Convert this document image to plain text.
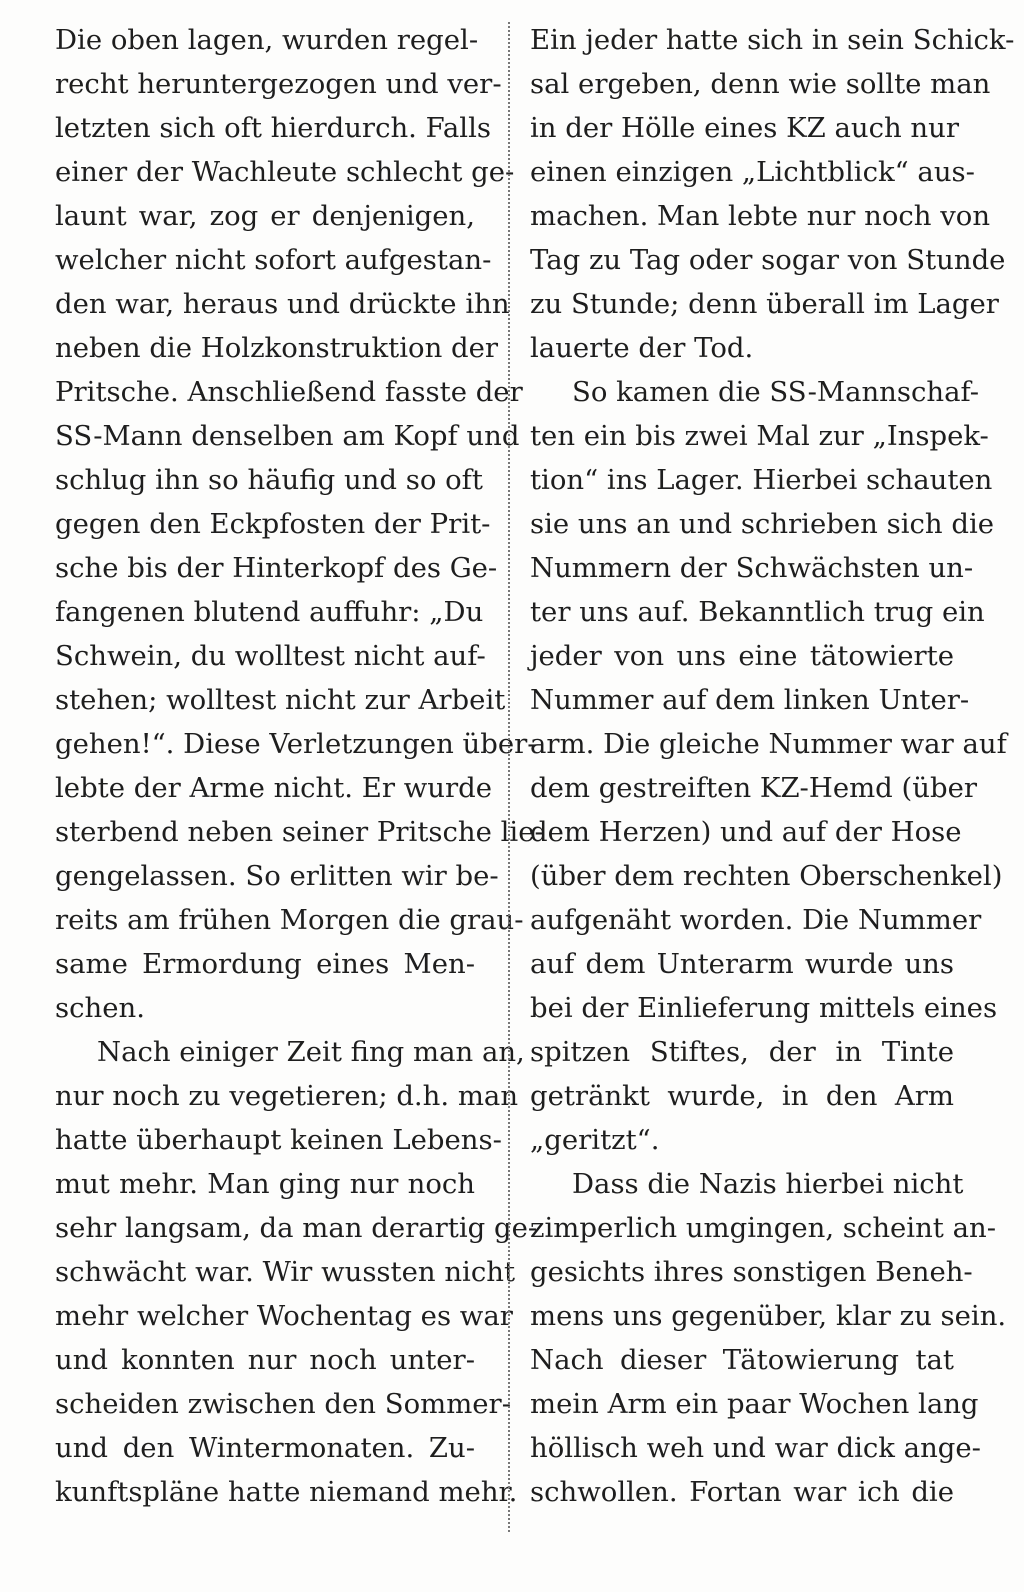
Die oben lagen, wurden regel-
recht heruntergezogen und ver-
letzten sich oft hierdurch. Falls
einer der Wachleute schlecht ge-
launt war, zog er denjenigen,
welcher nicht sofort aufgestan-
den war, heraus und drückte ihn
neben die Holzkonstruktion der
Pritsche. Anschließend fasste der
SS-Mann denselben am Kopf und
schlug ihn so häufig und so oft
gegen den Eckpfosten der Prit-
sche bis der Hinterkopf des Ge-
fangenen blutend auffuhr: „Du
Schwein, du wolltest nicht auf-
stehen; wolltest nicht zur Arbeit
gehen!“. Diese Verletzungen über-
lebte der Arme nicht. Er wurde
sterbend neben seiner Pritsche lie-
gengelassen. So erlitten wir be-
reits am frühen Morgen die grau-
same Ermordung eines Men-
schen.
Nach einiger Zeit fing man an,
nur noch zu vegetieren; d.h. man
hatte überhaupt keinen Lebens-
mut mehr. Man ging nur noch
sehr langsam, da man derartig ge-
schwächt war. Wir wussten nicht
mehr welcher Wochentag es war
und konnten nur noch unter-
scheiden zwischen den Sommer-
und den Wintermonaten. Zu-
kunftspläne hatte niemand mehr.
Ein jeder hatte sich in sein Schick-
sal ergeben, denn wie sollte man
in der Hölle eines KZ auch nur
einen einzigen „Lichtblick“ aus-
machen. Man lebte nur noch von
Tag zu Tag oder sogar von Stunde
zu Stunde; denn überall im Lager
lauerte der Tod.
So kamen die SS-Mannschaf-
ten ein bis zwei Mal zur „Inspek-
tion“ ins Lager. Hierbei schauten
sie uns an und schrieben sich die
Nummern der Schwächsten un-
ter uns auf. Bekanntlich trug ein
jeder von uns eine tätowierte
Nummer auf dem linken Unter-
arm. Die gleiche Nummer war auf
dem gestreiften KZ-Hemd (über
dem Herzen) und auf der Hose
(über dem rechten Oberschenkel)
aufgenäht worden. Die Nummer
auf dem Unterarm wurde uns
bei der Einlieferung mittels eines
spitzen Stiftes, der in Tinte
getränkt wurde, in den Arm
„geritzt“.
Dass die Nazis hierbei nicht
zimperlich umgingen, scheint an-
gesichts ihres sonstigen Beneh-
mens uns gegenüber, klar zu sein.
Nach dieser Tätowierung tat
mein Arm ein paar Wochen lang
höllisch weh und war dick ange-
schwollen. Fortan war ich die
